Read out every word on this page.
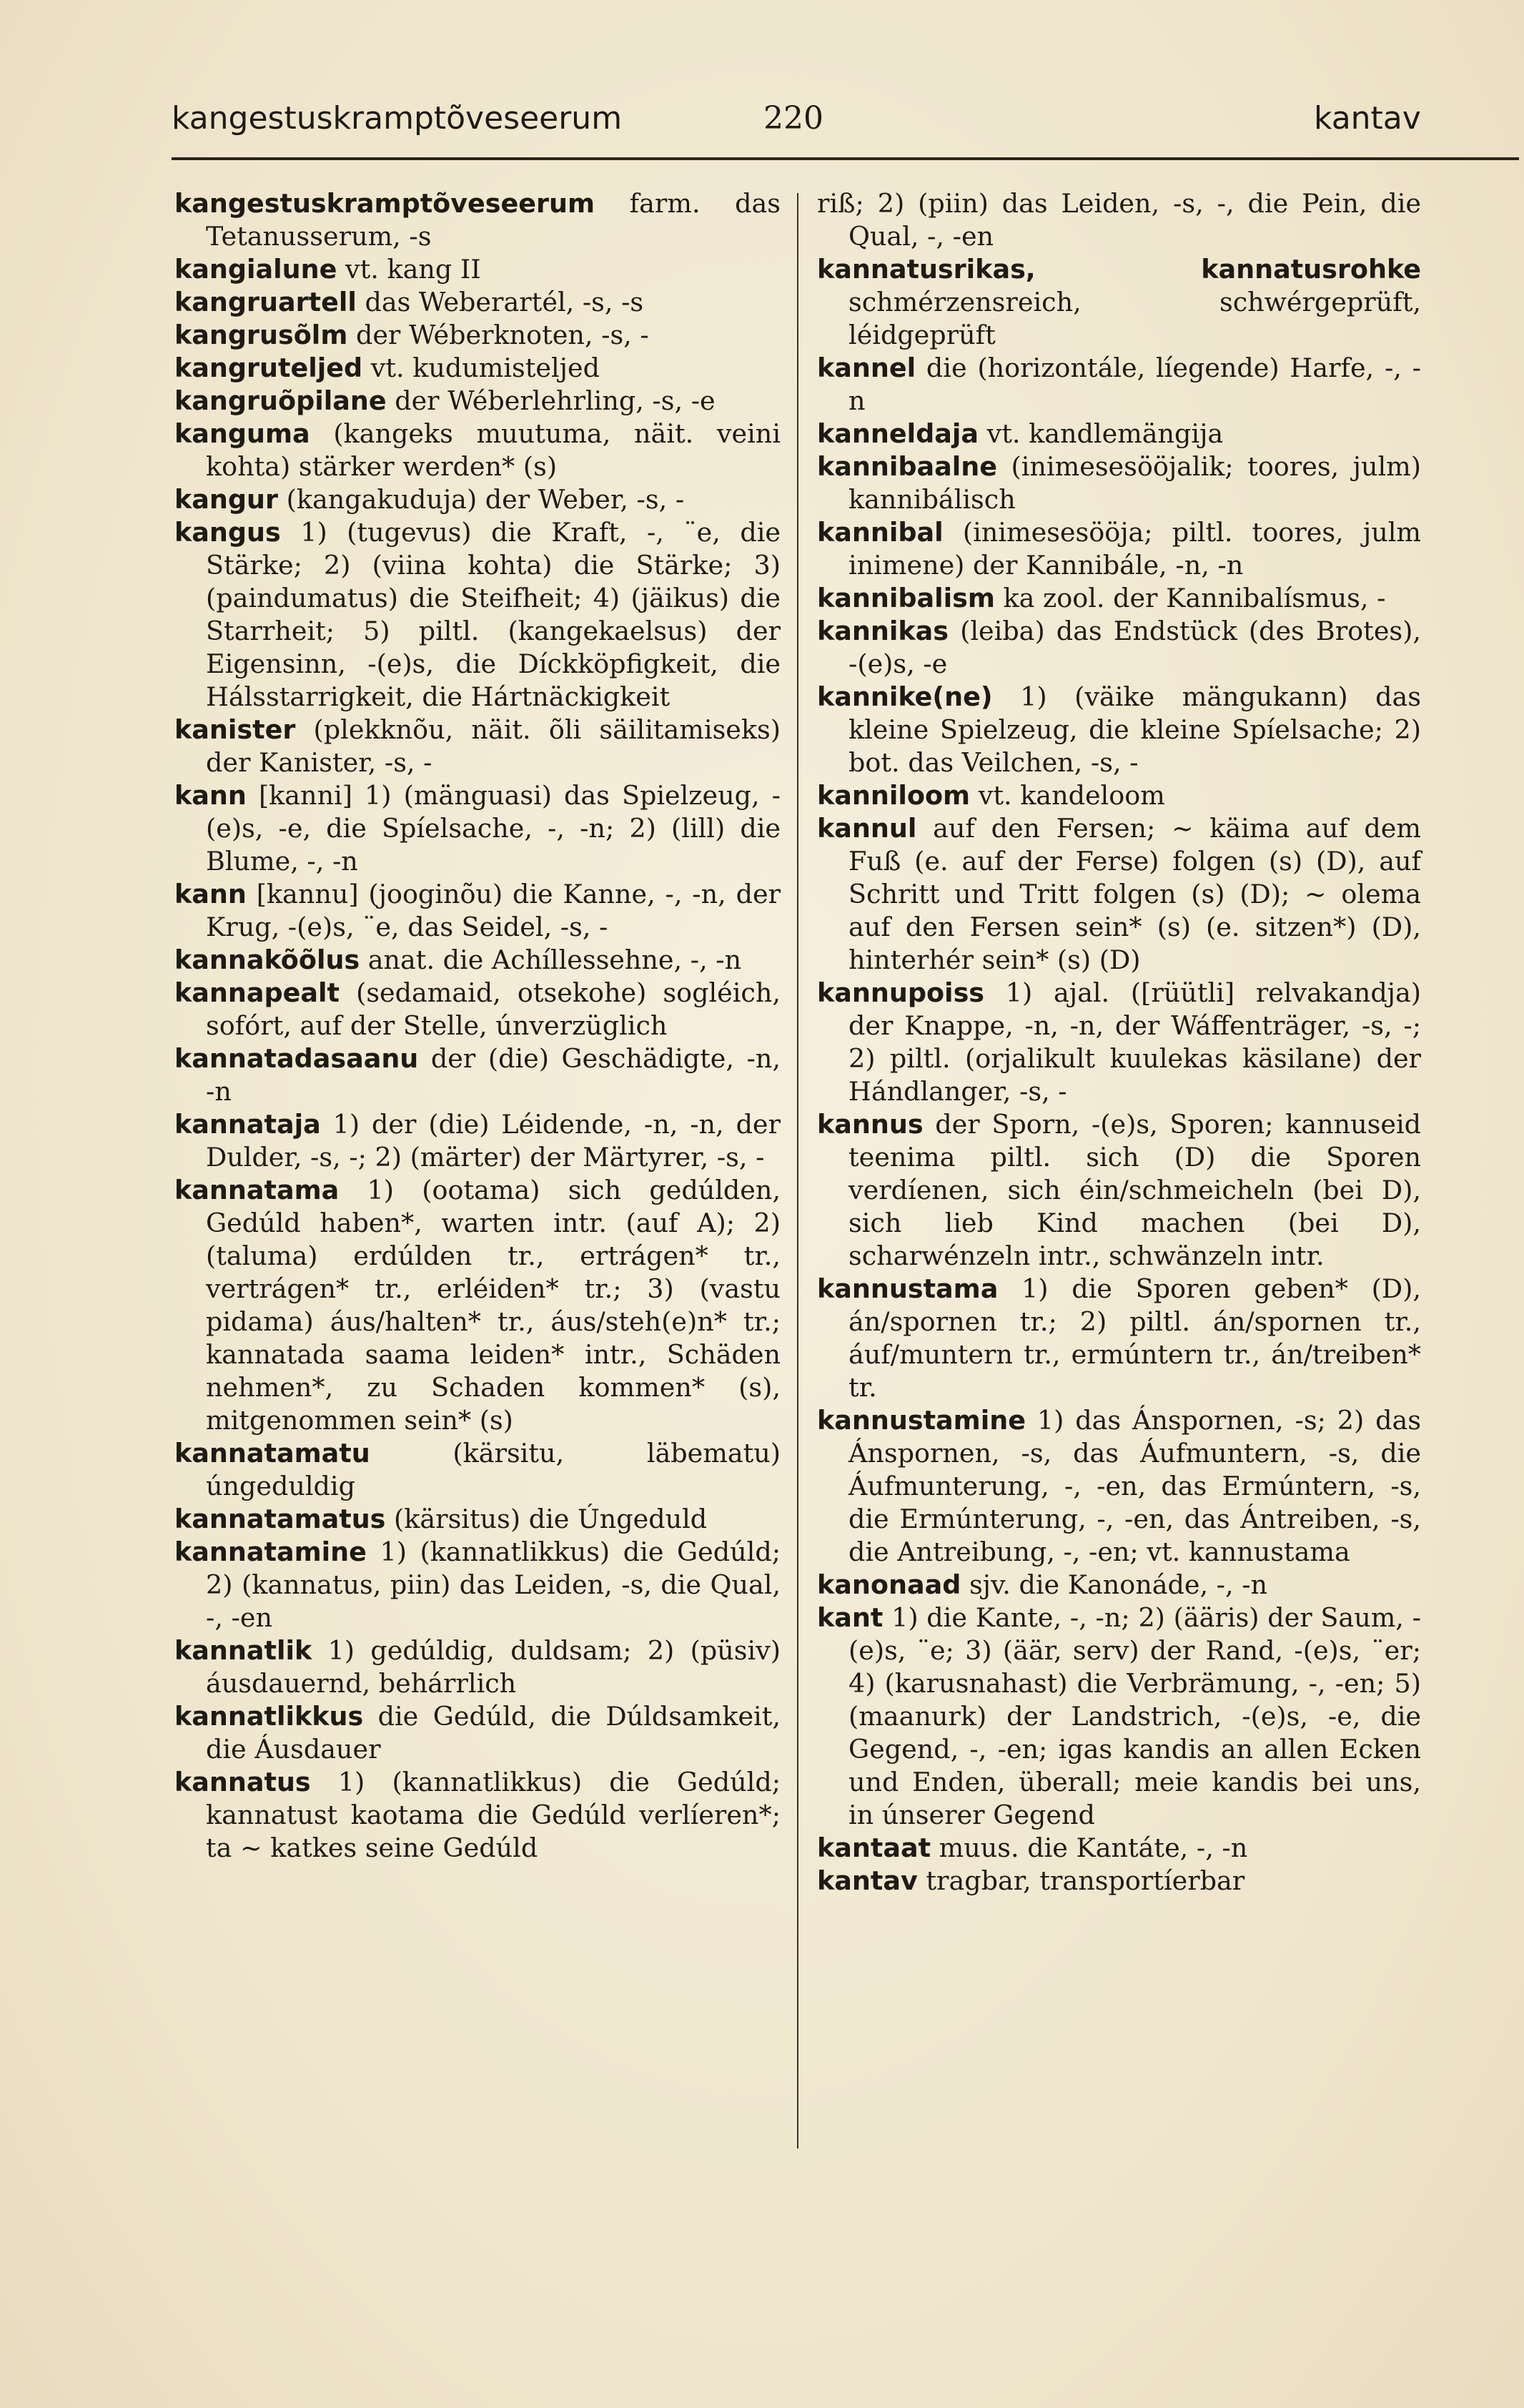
kangestuskramptõveseerum	220	kantav
kangestuskramptõveseerum farm. das Tetanusserum, -s
kangialune vt. kang II
kangruartell das Weberartél, -s, -s
kangrusõlm der Wéberknoten, -s, -
kangruteljed vt. kudumisteljed
kangruõpilane der Wéberlehrling, -s, -e
kanguma (kangeks muutuma, näit. veini kohta) stärker werden* (s)
kangur (kangakuduja) der Weber, -s, -
kangus 1) (tugevus) die Kraft, -, ¨e, die Stärke; 2) (viina kohta) die Stärke; 3) (paindumatus) die Steifheit; 4) (jäikus) die Starrheit; 5) piltl. (kangekaelsus) der Eigensinn, -(e)s, die Díckköpfigkeit, die Hálsstarrigkeit, die Hártnäckigkeit
kanister (plekknõu, näit. õli säilitamiseks) der Kanister, -s, -
kann [kanni] 1) (mänguasi) das Spielzeug, -(e)s, -e, die Spíelsache, -, -n; 2) (lill) die Blume, -, -n
kann [kannu] (jooginõu) die Kanne, -, -n, der Krug, -(e)s, ¨e, das Seidel, -s, -
kannakõõlus anat. die Achíllessehne, -, -n
kannapealt (sedamaid, otsekohe) sogléich, sofórt, auf der Stelle, únverzüglich
kannatadasaanu der (die) Geschädigte, -n, -n
kannataja 1) der (die) Léidende, -n, -n, der Dulder, -s, -; 2) (märter) der Märtyrer, -s, -
kannatama 1) (ootama) sich gedúlden, Gedúld haben*, warten intr. (auf A); 2) (taluma) erdúlden tr., ertrágen* tr., vertrágen* tr., erléiden* tr.; 3) (vastu pidama) áus/halten* tr., áus/steh(e)n* tr.; kannatada saama leiden* intr., Schäden nehmen*, zu Schaden kommen* (s), mitgenommen sein* (s)
kannatamatu (kärsitu, läbematu) úngeduldig
kannatamatus (kärsitus) die Úngeduld
kannatamine 1) (kannatlikkus) die Gedúld; 2) (kannatus, piin) das Leiden, -s, die Qual, -, -en
kannatlik 1) gedúldig, duldsam; 2) (püsiv) áusdauernd, behárrlich
kannatlikkus die Gedúld, die Dúldsamkeit, die Áusdauer
kannatus 1) (kannatlikkus) die Gedúld; kannatust kaotama die Gedúld verlíeren*; ta ~ katkes seine Gedúld
riß; 2) (piin) das Leiden, -s, -, die Pein, die Qual, -, -en
kannatusrikas, kannatusrohke schmérzensreich, schwérgeprüft, léidgeprüft
kannel die (horizontále, líegende) Harfe, -, -n
kanneldaja vt. kandlemängija
kannibaalne (inimesesööjalik; toores, julm) kannibálisch
kannibal (inimesesööja; piltl. toores, julm inimene) der Kannibále, -n, -n
kannibalism ka zool. der Kannibalísmus, -
kannikas (leiba) das Endstück (des Brotes), -(e)s, -e
kannike(ne) 1) (väike mängukann) das kleine Spielzeug, die kleine Spíelsache; 2) bot. das Veilchen, -s, -
kanniloom vt. kandeloom
kannul auf den Fersen; ~ käima auf dem Fuß (e. auf der Ferse) folgen (s) (D), auf Schritt und Tritt folgen (s) (D); ~ olema auf den Fersen sein* (s) (e. sitzen*) (D), hinterhér sein* (s) (D)
kannupoiss 1) ajal. ([rüütli] relvakandja) der Knappe, -n, -n, der Wáffenträger, -s, -; 2) piltl. (orjalikult kuulekas käsilane) der Hándlanger, -s, -
kannus der Sporn, -(e)s, Sporen; kannuseid teenima piltl. sich (D) die Sporen verdíenen, sich éin/schmeicheln (bei D), sich lieb Kind machen (bei D), scharwénzeln intr., schwänzeln intr.
kannustama 1) die Sporen geben* (D), án/spornen tr.; 2) piltl. án/spornen tr., áuf/muntern tr., ermúntern tr., án/treiben* tr.
kannustamine 1) das Ánspornen, -s; 2) das Ánspornen, -s, das Áufmuntern, -s, die Áufmunterung, -, -en, das Ermúntern, -s, die Ermúnterung, -, -en, das Ántreiben, -s, die Antreibung, -, -en; vt. kannustama
kanonaad sjv. die Kanonáde, -, -n
kant 1) die Kante, -, -n; 2) (ääris) der Saum, -(e)s, ¨e; 3) (äär, serv) der Rand, -(e)s, ¨er; 4) (karusnahast) die Verbrämung, -, -en; 5) (maanurk) der Landstrich, -(e)s, -e, die Gegend, -, -en; igas kandis an allen Ecken und Enden, überall; meie kandis bei uns, in únserer Gegend
kantaat muus. die Kantáte, -, -n
kantav tragbar, transportíerbar
